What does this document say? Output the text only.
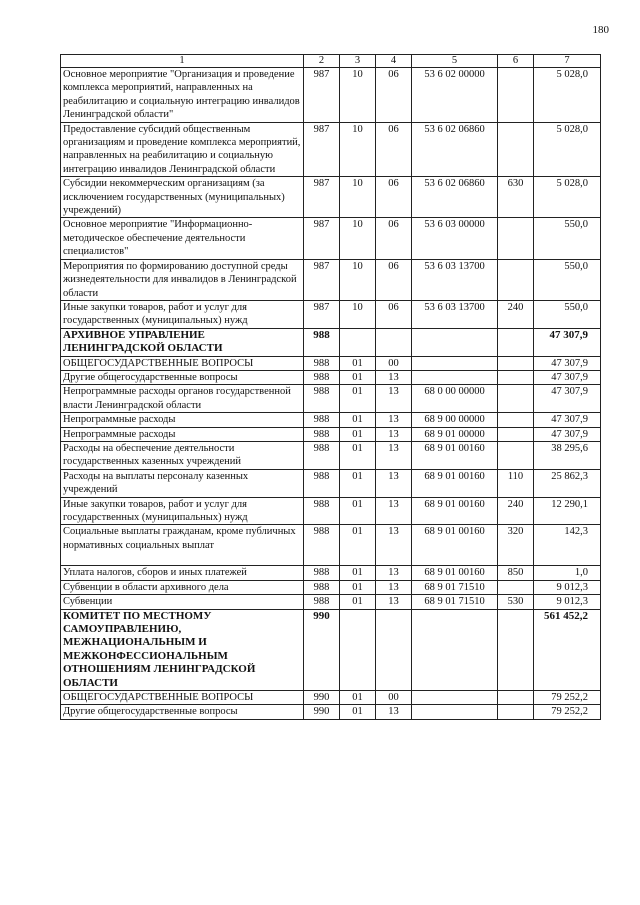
180
1	2	3	4	5	6	7
Основное мероприятие "Организация и проведение комплекса мероприятий, направленных на реабилитацию и социальную интеграцию инвалидов Ленинградской области"	987	10	06	53 6 02 00000		5 028,0
Предоставление субсидий общественным организациям и проведение комплекса мероприятий, направленных на реабилитацию и социальную интеграцию инвалидов Ленинградской области	987	10	06	53 6 02 06860		5 028,0
Субсидии некоммерческим организациям (за исключением государственных (муниципальных) учреждений)	987	10	06	53 6 02 06860	630	5 028,0
Основное мероприятие "Информационно-методическое обеспечение деятельности специалистов"	987	10	06	53 6 03 00000		550,0
Мероприятия по формированию доступной среды жизнедеятельности для инвалидов в Ленинградской области	987	10	06	53 6 03 13700		550,0
Иные закупки товаров, работ и услуг для государственных (муниципальных) нужд	987	10	06	53 6 03 13700	240	550,0
АРХИВНОЕ УПРАВЛЕНИЕ ЛЕНИНГРАДСКОЙ ОБЛАСТИ	988					47 307,9
ОБЩЕГОСУДАРСТВЕННЫЕ ВОПРОСЫ	988	01	00			47 307,9
Другие общегосударственные вопросы	988	01	13			47 307,9
Непрограммные расходы органов государственной власти Ленинградской области	988	01	13	68 0 00 00000		47 307,9
Непрограммные расходы	988	01	13	68 9 00 00000		47 307,9
Непрограммные расходы	988	01	13	68 9 01 00000		47 307,9
Расходы на обеспечение деятельности государственных казенных учреждений	988	01	13	68 9 01 00160		38 295,6
Расходы на выплаты персоналу казенных учреждений	988	01	13	68 9 01 00160	110	25 862,3
Иные закупки товаров, работ и услуг для государственных (муниципальных) нужд	988	01	13	68 9 01 00160	240	12 290,1
Социальные выплаты гражданам, кроме публичных нормативных социальных выплат	988	01	13	68 9 01 00160	320	142,3
Уплата налогов, сборов и иных платежей	988	01	13	68 9 01 00160	850	1,0
Субвенции в области архивного дела	988	01	13	68 9 01 71510		9 012,3
Субвенции	988	01	13	68 9 01 71510	530	9 012,3
КОМИТЕТ ПО МЕСТНОМУ САМОУПРАВЛЕНИЮ, МЕЖНАЦИОНАЛЬНЫМ И МЕЖКОНФЕССИОНАЛЬНЫМ ОТНОШЕНИЯМ ЛЕНИНГРАДСКОЙ ОБЛАСТИ	990					561 452,2
ОБЩЕГОСУДАРСТВЕННЫЕ ВОПРОСЫ	990	01	00			79 252,2
Другие общегосударственные вопросы	990	01	13			79 252,2
